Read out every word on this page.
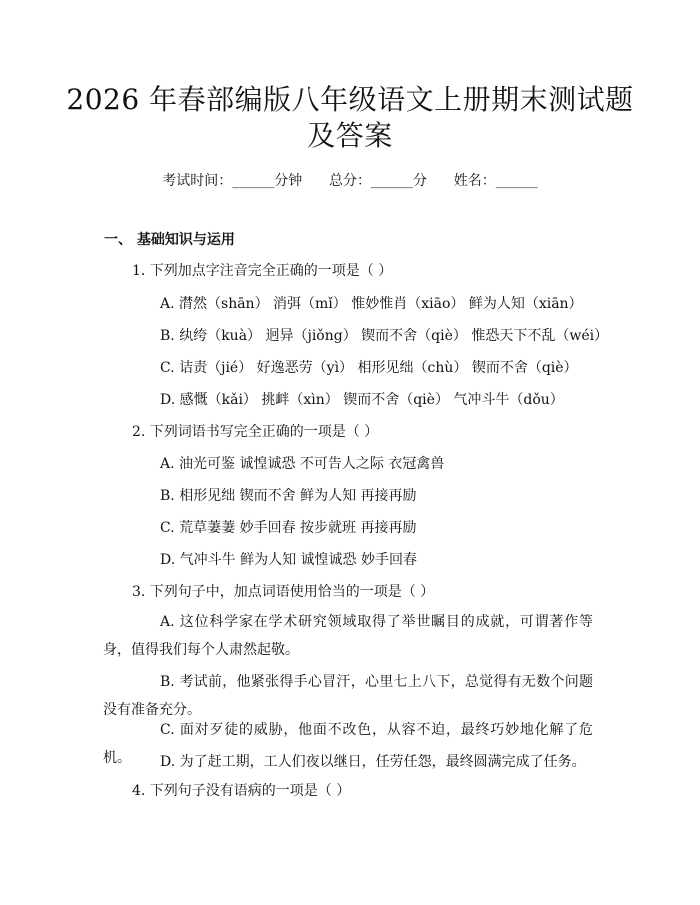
2026 年春部编版八年级语文上册期末测试题
及答案
考试时间：______分钟      总分：______分      姓名：______
一、 基础知识与运用
1. 下列加点字注音完全正确的一项是（ ）
A. 潸然（shān） 消弭（mǐ） 惟妙惟肖（xiāo） 鲜为人知（xiān）
B. 纨绔（kuà） 迥异（jiǒng） 锲而不舍（qiè） 惟恐天下不乱（wéi）
C. 诘责（jié） 好逸恶劳（yì） 相形见绌（chù） 锲而不舍（qiè）
D. 感慨（kǎi） 挑衅（xìn） 锲而不舍（qiè） 气冲斗牛（dǒu）
2. 下列词语书写完全正确的一项是（ ）
A. 油光可鉴 诚惶诚恐 不可告人之际 衣冠禽兽
B. 相形见绌 锲而不舍 鲜为人知 再接再励
C. 荒草萋萋 妙手回春 按步就班 再接再励
D. 气冲斗牛 鲜为人知 诚惶诚恐 妙手回春
3. 下列句子中，加点词语使用恰当的一项是（ ）
A. 这位科学家在学术研究领域取得了举世瞩目的成就，可谓著作等身，值得我们每个人肃然起敬。
B. 考试前，他紧张得手心冒汗，心里七上八下，总觉得有无数个问题没有准备充分。
C. 面对歹徒的威胁，他面不改色，从容不迫，最终巧妙地化解了危机。	D. 为了赶工期，工人们夜以继日，任劳任怨，最终圆满完成了任务。
4. 下列句子没有语病的一项是（ ）
